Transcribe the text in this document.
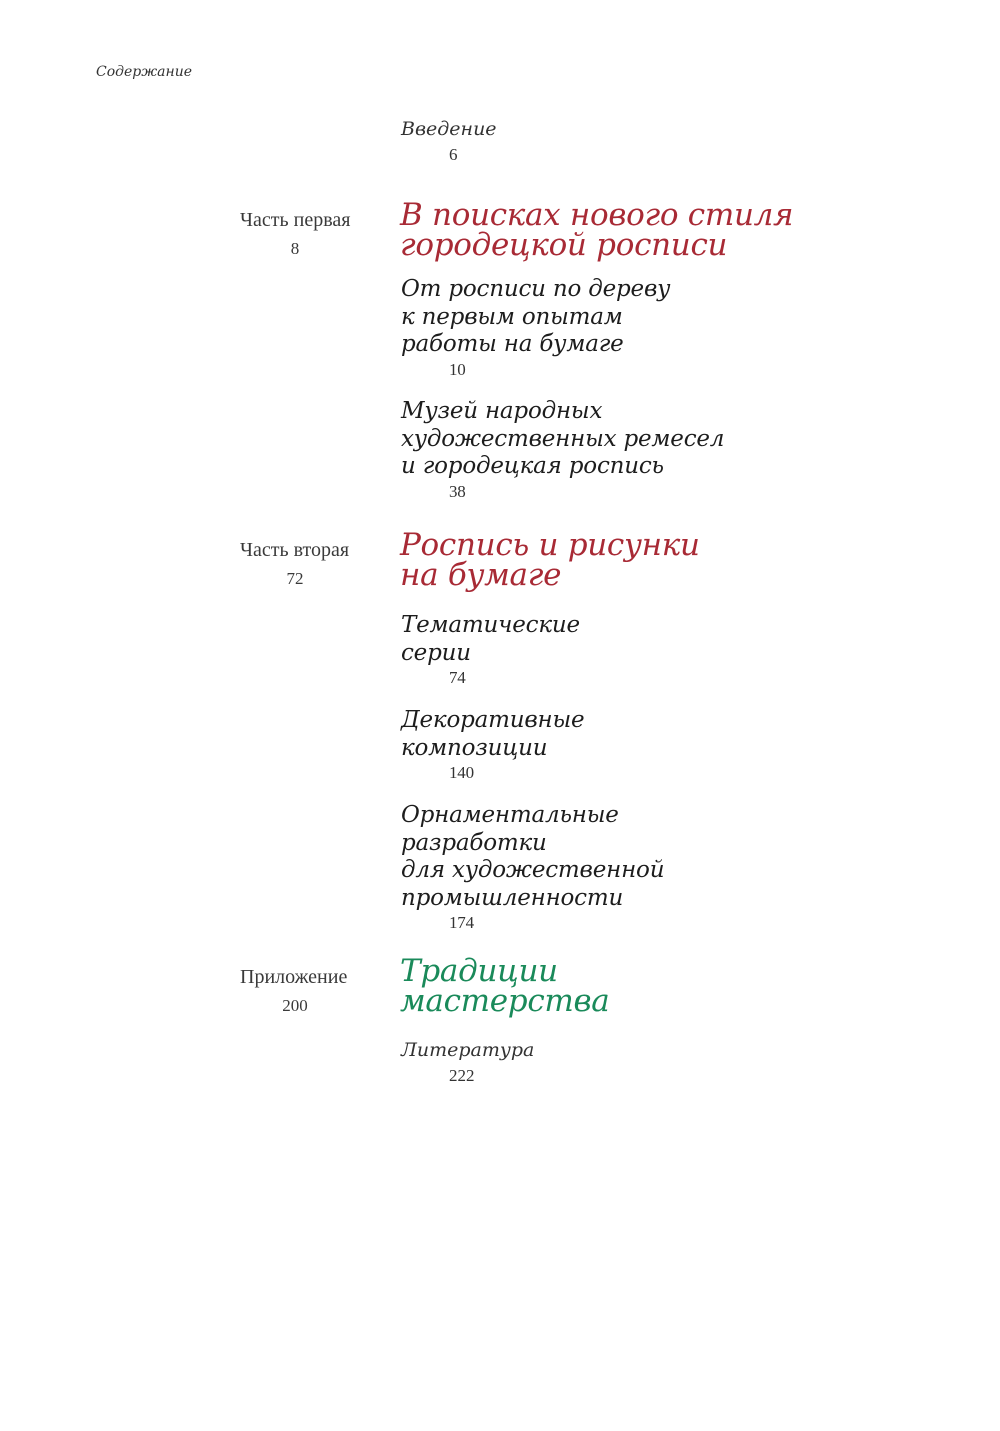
Содержание
Введение
6
Часть первая
8
В поисках нового стиля
городецкой росписи
От росписи по дереву
к первым опытам
работы на бумаге
10
Музей народных
художественных ремесел
и городецкая роспись
38
Часть вторая
72
Роспись и рисунки
на бумаге
Тематические
серии
74
Декоративные
композиции
140
Орнаментальные
разработки
для художественной
промышленности
174
Приложение
200
Традиции
мастерства
Литература
222
